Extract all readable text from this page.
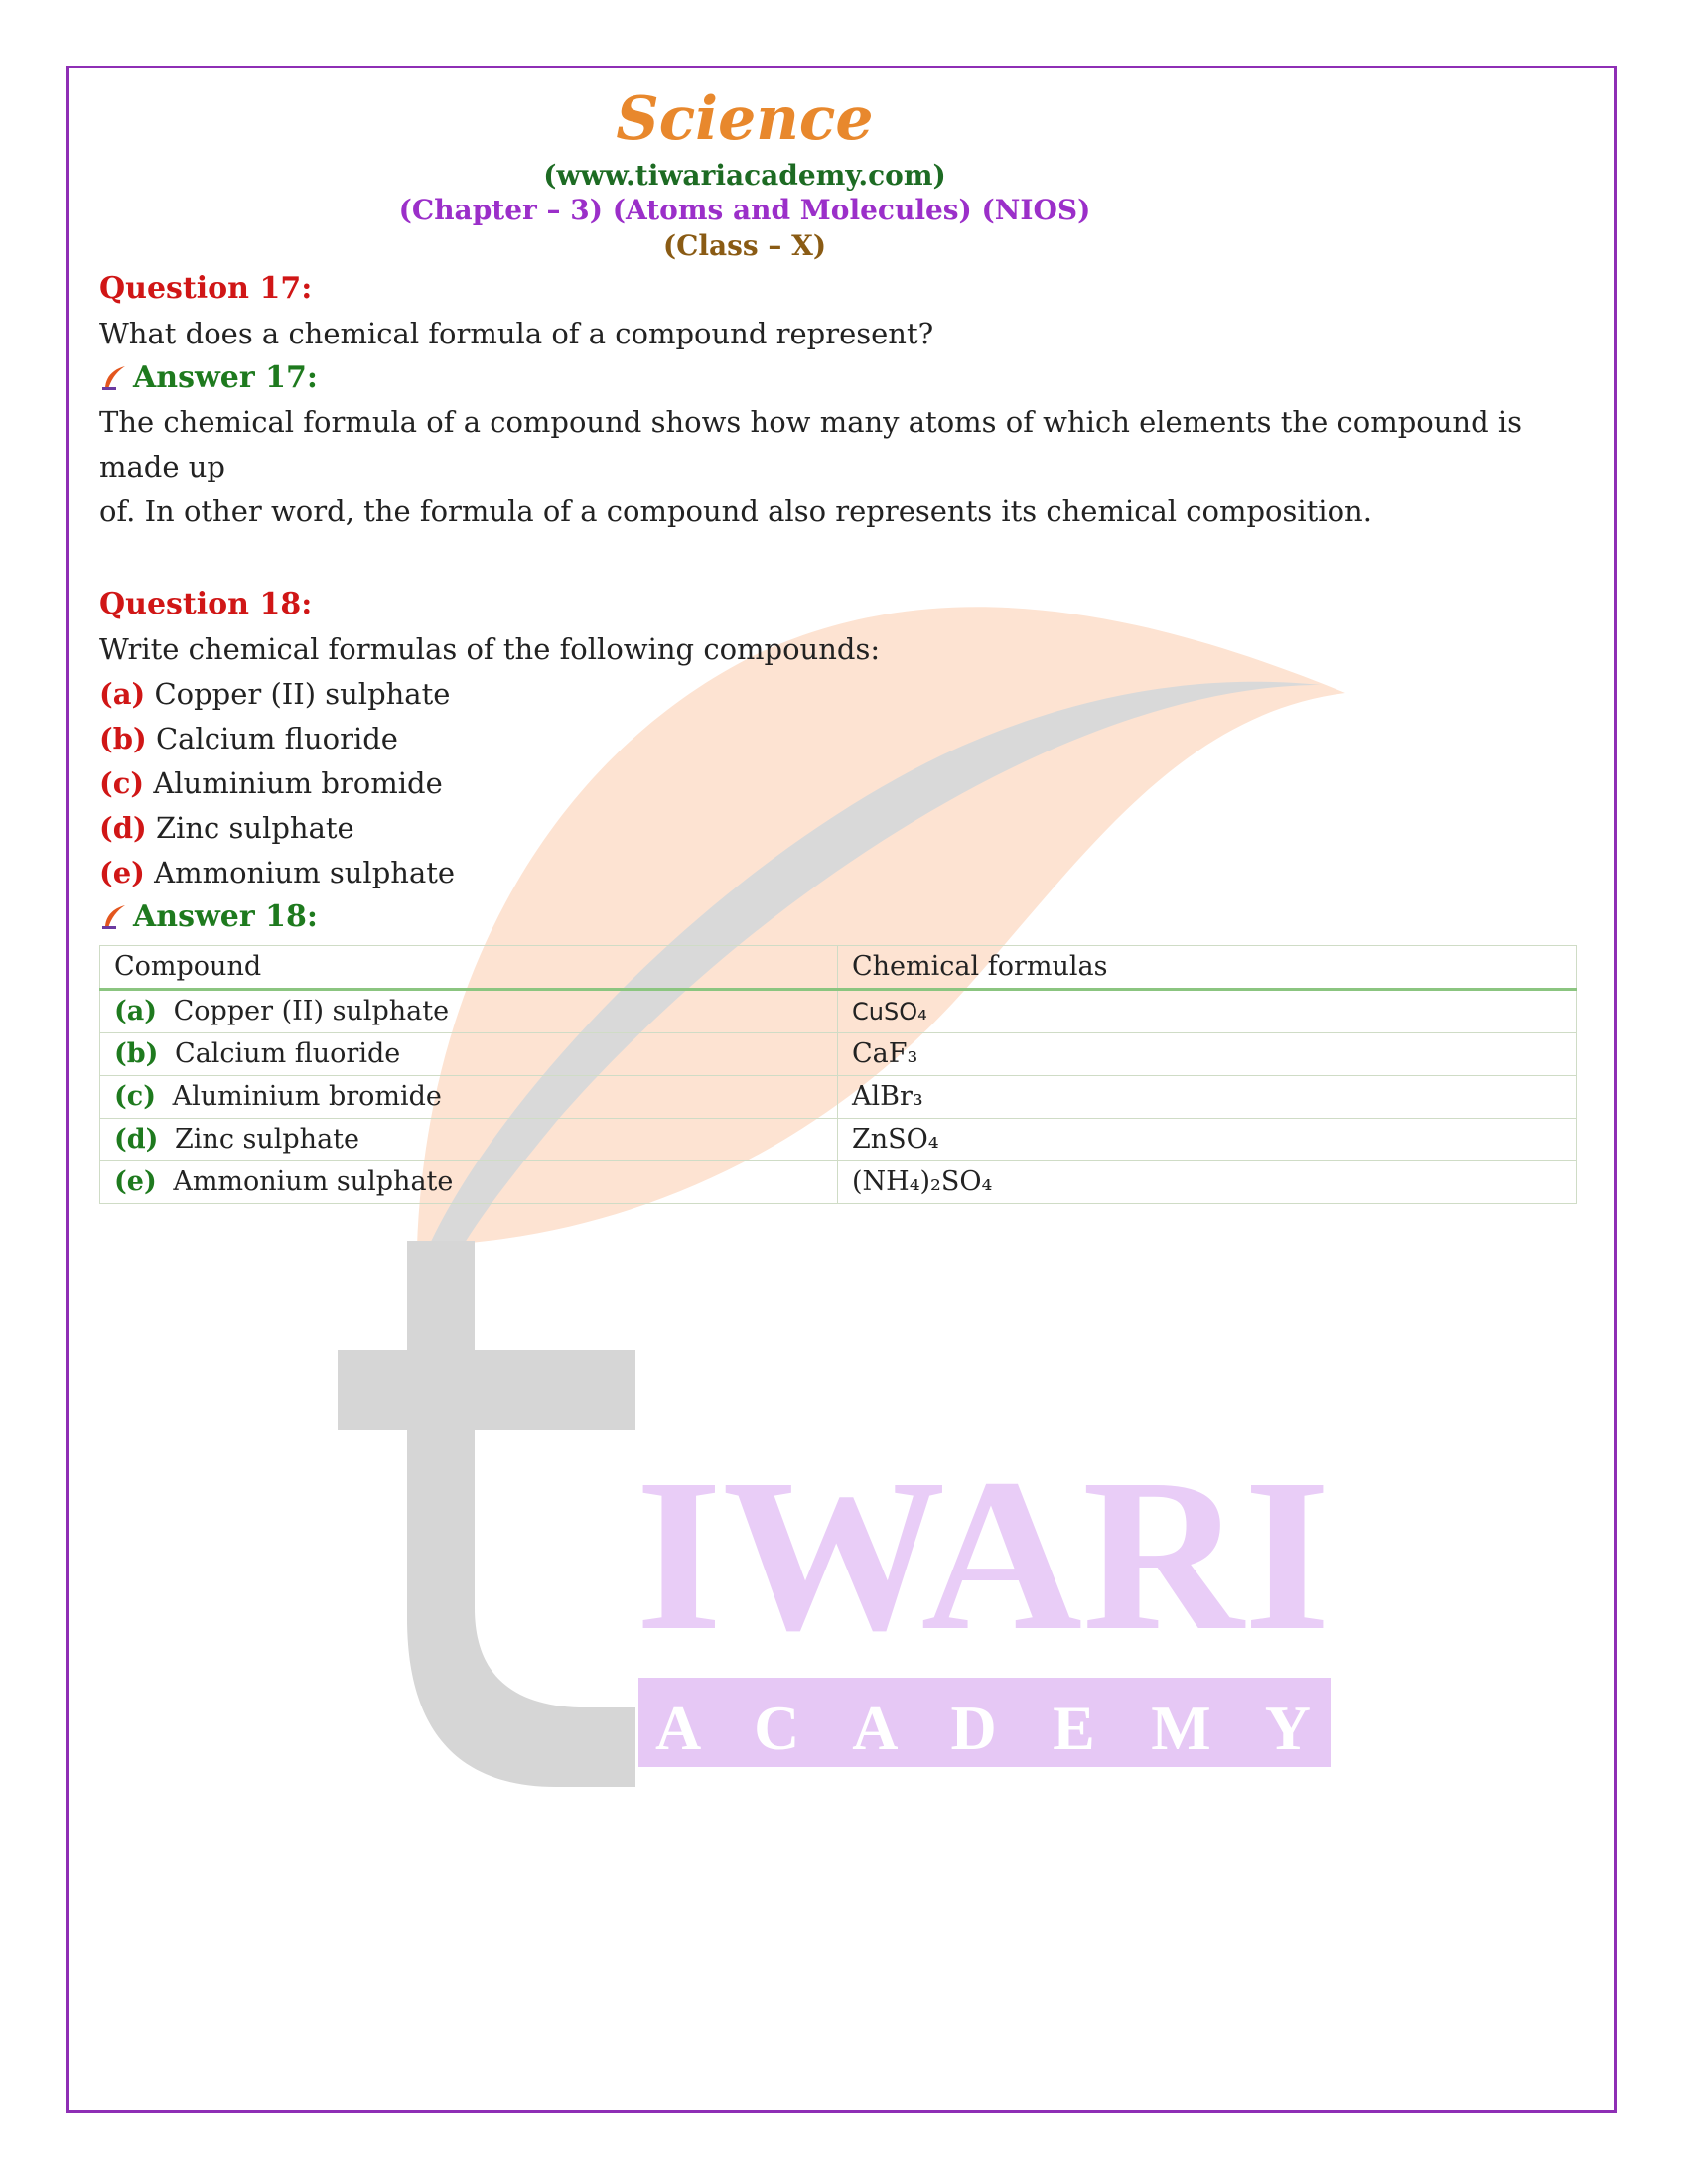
IWARI
A C A D E M Y
Science
(www.tiwariacademy.com)
(Chapter – 3) (Atoms and Molecules) (NIOS)
(Class – X)
Question 17:
What does a chemical formula of a compound represent?
Answer 17:
The chemical formula of a compound shows how many atoms of which elements the compound is made up
of. In other word, the formula of a compound also represents its chemical composition.
Question 18:
Write chemical formulas of the following compounds:
(a) Copper (II) sulphate
(b) Calcium fluoride
(c) Aluminium bromide
(d) Zinc sulphate
(e) Ammonium sulphate
Answer 18:
Compound	Chemical formulas
(a) Copper (II) sulphate	CuSO₄
(b) Calcium fluoride	CaF₃
(c) Aluminium bromide	AlBr₃
(d) Zinc sulphate	ZnSO₄
(e) Ammonium sulphate	(NH₄)₂SO₄
